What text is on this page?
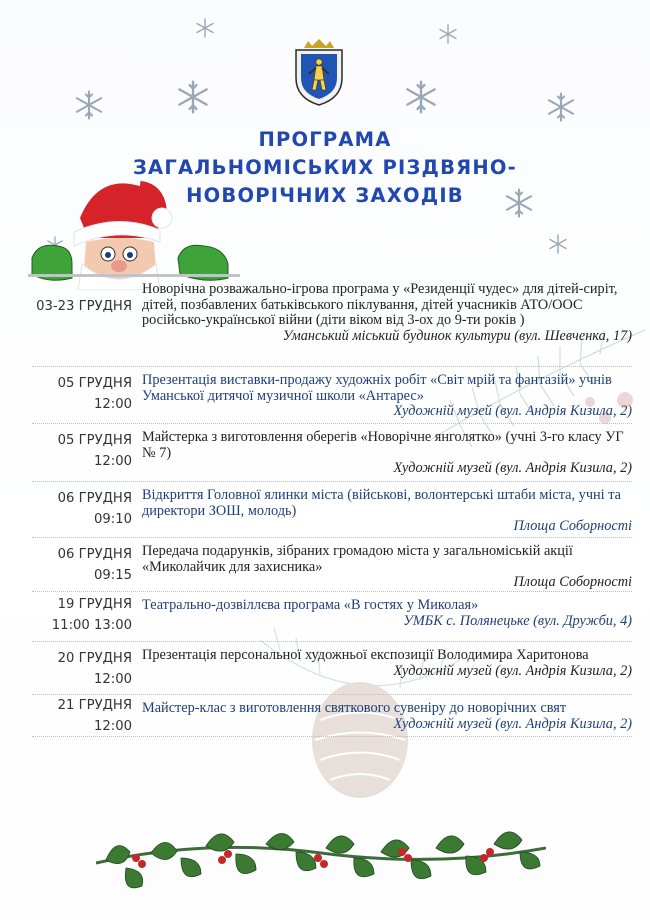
ПРОГРАМА
ЗАГАЛЬНОМІСЬКИХ РІЗДВЯНО-
НОВОРІЧНИХ ЗАХОДІВ
03-23 ГРУДНЯ
Новорічна розважально-ігрова програма у «Резиденції чудес» для дітей-сиріт, дітей, позбавлених батьківського піклування, дітей учасників АТО/ООС російсько-української війни (діти віком від 3-ох до 9-ти років )
Уманський міський будинок культури (вул. Шевченка, 17)
05 ГРУДНЯ
12:00
Презентація виставки-продажу художніх робіт «Світ мрій та фантазій» учнів Уманської дитячої музичної школи «Антарес»
Художній музей (вул. Андрія Кизила, 2)
05 ГРУДНЯ
12:00
Майстерка з виготовлення оберегів «Новорічне янголятко» (учні 3-го класу УГ № 7)
Художній музей (вул. Андрія Кизила, 2)
06 ГРУДНЯ
09:10
Відкриття Головної ялинки міста (військові, волонтерські штаби міста, учні та директори ЗОШ, молодь)
Площа Соборності
06 ГРУДНЯ
09:15
Передача подарунків, зібраних громадою міста у загальноміській акції «Миколайчик для захисника»
Площа Соборності
19 ГРУДНЯ
11:00 13:00
Театрально-дозвіллєва програма «В гостях у Миколая»
УМБК с. Полянецьке (вул. Дружби, 4)
20 ГРУДНЯ
12:00
Презентація персональної художньої експозиції Володимира Харитонова
Художній музей (вул. Андрія Кизила, 2)
21 ГРУДНЯ
12:00
Майстер-клас з виготовлення святкового сувеніру до новорічних свят
Художній музей (вул. Андрія Кизила, 2)
